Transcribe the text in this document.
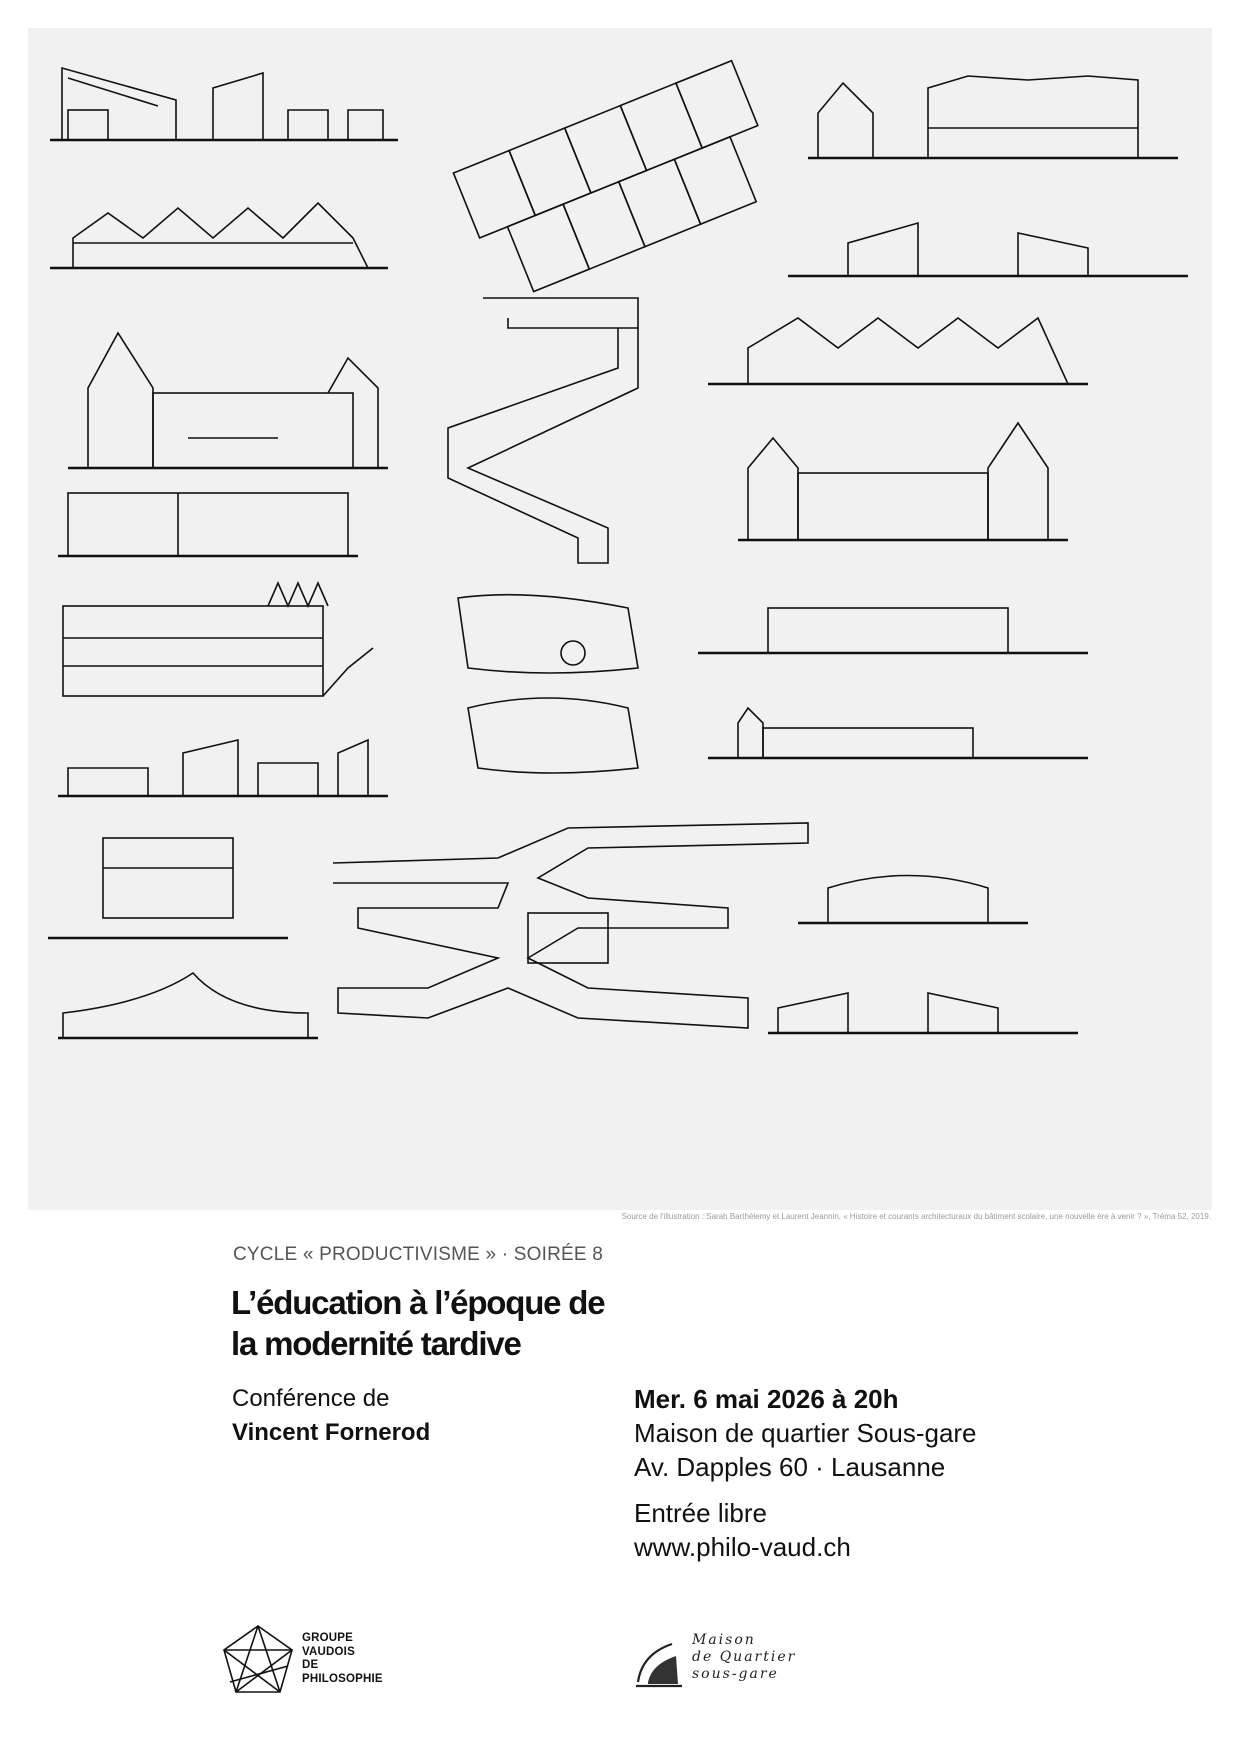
Source de l'illustration : Sarah Barthélemy et Laurent Jeannin, « Histoire et courants architecturaux du bâtiment scolaire, une nouvelle ère à venir ? », Tréma 52, 2019.
CYCLE « PRODUCTIVISME » · SOIRÉE 8
L’éducation à l’époque de
la modernité tardive
Conférence de
Vincent Fornerod
Mer. 6 mai 2026 à 20h
Maison de quartier Sous-gare
Av. Dapples 60 · Lausanne
Entrée libre
www.philo-vaud.ch
GROUPE
VAUDOIS
DE
PHILOSOPHIE
Maison
de Quartier
sous-gare
